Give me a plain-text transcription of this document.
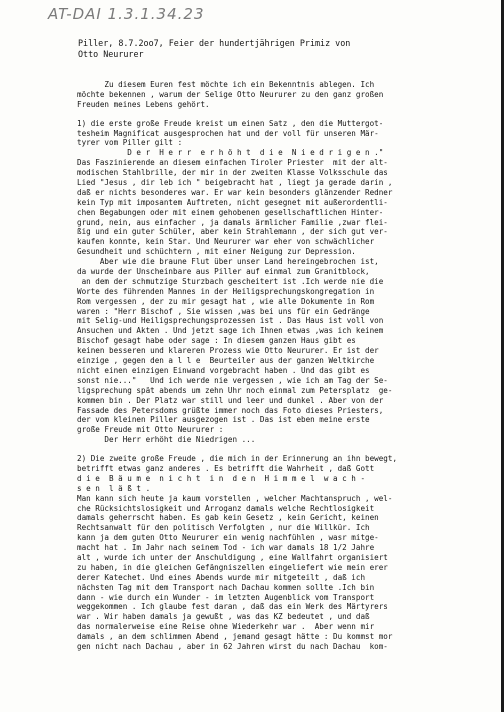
AT-DAI 1.3.1.34.23
Piller, 8.7.2oo7, Feier der hundertjährigen Primiz von
Otto Neururer
Zu diesem Euren fest möchte ich ein Bekenntnis ablegen. Ich
möchte bekennen , warum der Selige Otto Neururer zu den ganz großen
Freuden meines Lebens gehört.
1) die erste große Freude kreist um einen Satz , den die Muttergot-
tesheim Magnificat ausgesprochen hat und der voll für unseren Mär-
tyrer vom Piller gilt :
D e r  H e r r  e r h ö h t  d i e  N i e d r i g e n ."
Das Faszinierende an diesem einfachen Tiroler Priester  mit der alt-
modischen Stahlbrille, der mir in der zweiten Klasse Volksschule das
Lied "Jesus , dir leb ich " beigebracht hat , liegt ja gerade darin ,
daß er nichts besonderes war. Er war kein besonders glänzender Redner
kein Typ mit imposantem Auftreten, nicht gesegnet mit außerordentli-
chen Begabungen oder mit einem gehobenen gesellschaftlichen Hinter-
grund, nein, aus einfacher , ja damals ärmlicher Familie ,zwar flei-
ßig und ein guter Schüler, aber kein Strahlemann , der sich gut ver-
kaufen konnte, kein Star. Und Neururer war eher von schwächlicher
Gesundheit und schüchtern , mit einer Neigung zur Depression.
Aber wie die braune Flut über unser Land hereingebrochen ist,
da wurde der Unscheinbare aus Piller auf einmal zum Granitblock,
an dem der schmutzige Sturzbach gescheitert ist .Ich werde nie die
Worte des führenden Mannes in der Heiligsprechungskongregation in
Rom vergessen , der zu mir gesagt hat , wie alle Dokumente in Rom
waren : "Herr Bischof , Sie wissen ,was bei uns für ein Gedränge
mit Selig-und Heiligsprechungsprozessen ist . Das Haus ist voll von
Ansuchen und Akten . Und jetzt sage ich Ihnen etwas ,was ich keinem
Bischof gesagt habe oder sage : In diesem ganzen Haus gibt es
keinen besseren und klareren Prozess wie Otto Neururer. Er ist der
einzige , gegen den a l l e  Beurteiler aus der ganzen Weltkirche
nicht einen einzigen Einwand vorgebracht haben . Und das gibt es
sonst nie..."   Und ich werde nie vergessen , wie ich am Tag der Se-
ligsprechung spät abends um zehn Uhr noch einmal zum Petersplatz  ge-
kommen bin . Der Platz war still und leer und dunkel . Aber von der
Fassade des Petersdoms grüßte immer noch das Foto dieses Priesters,
der vom kleinen Piller ausgezogen ist . Das ist eben meine erste
große Freude mit Otto Neururer :
Der Herr erhöht die Niedrigen ...
2) Die zweite große Freude , die mich in der Erinnerung an ihn bewegt,
betrifft etwas ganz anderes . Es betrifft die Wahrheit , daß Gott
d i e  B ä u m e  n i c h t  i n  d e n  H i m m e l  w a c h -
s e n  l ä ß t .
Man kann sich heute ja kaum vorstellen , welcher Machtanspruch , wel-
che Rücksichtslosigkeit und Arroganz damals welche Rechtlosigkeit
damals geherrscht haben. Es gab kein Gesetz , kein Gericht, keinen
Rechtsanwalt für den politisch Verfolgten , nur die Willkür. Ich
kann ja dem guten Otto Neururer ein wenig nachfühlen , wasr mitge-
macht hat . Im Jahr nach seinem Tod - ich war damals 18 1/2 Jahre
alt , wurde ich unter der Anschuldigung , eine Wallfahrt organisiert
zu haben, in die gleichen Gefängniszellen eingeliefert wie mein erer
derer Katechet. Und eines Abends wurde mir mitgeteilt , daß ich
nächsten Tag mit dem Transport nach Dachau kommen sollte .Ich bin
dann - wie durch ein Wunder - im letzten Augenblick vom Transport
weggekommen . Ich glaube fest daran , daß das ein Werk des Märtyrers
war . Wir haben damals ja gewußt , was das KZ bedeutet , und daß
das normalerweise eine Reise ohne Wiederkehr war .  Aber wenn mir
damals , an dem schlimmen Abend , jemand gesagt hätte : Du kommst mor
gen nicht nach Dachau , aber in 62 Jahren wirst du nach Dachau  kom-
